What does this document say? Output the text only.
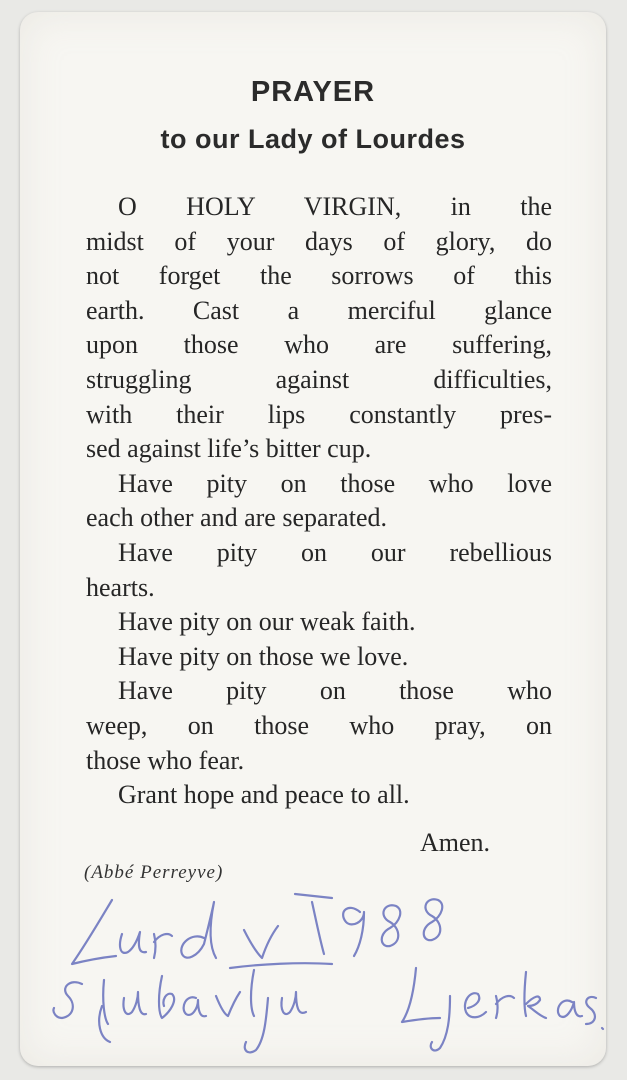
PRAYER
to our Lady of Lourdes
O HOLY VIRGIN, in the
midst of your days of glory, do
not forget the sorrows of this
earth. Cast a merciful glance
upon those who are suffering,
struggling against difficulties,
with their lips constantly pres-
sed against life’s bitter cup.
Have pity on those who love
each other and are separated.
Have pity on our rebellious
hearts.
Have pity on our weak faith.
Have pity on those we love.
Have pity on those who
weep, on those who pray, on
those who fear.
Grant hope and peace to all.
Amen.
(Abbé Perreyve)
